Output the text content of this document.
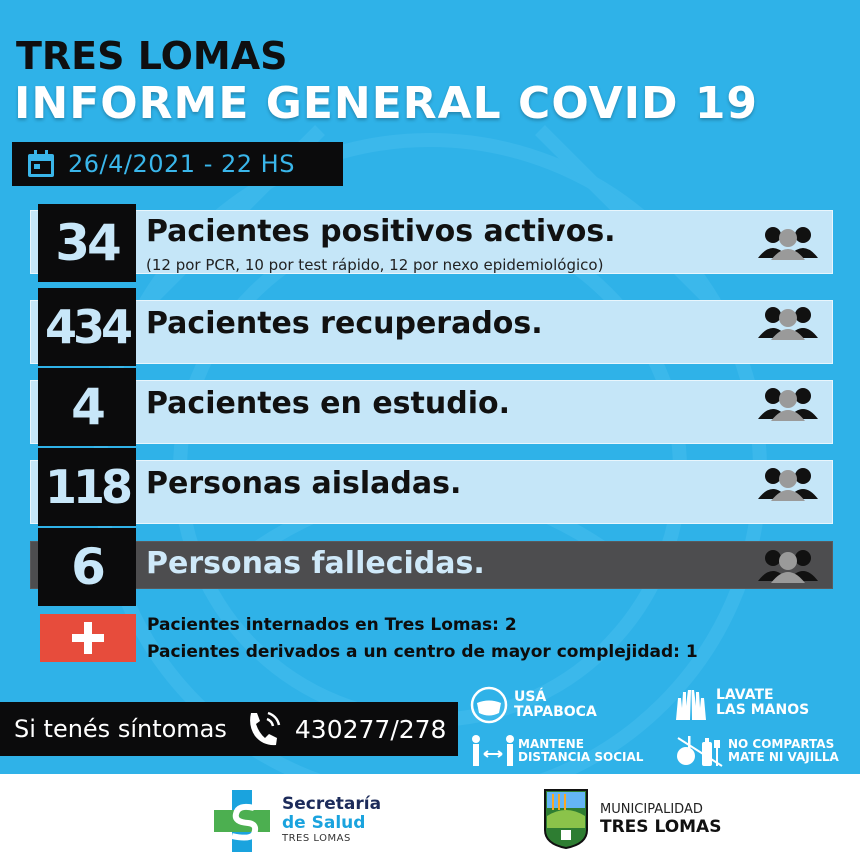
TRES LOMAS
INFORME GENERAL COVID 19
26/4/2021 - 22 HS
34 Pacientes positivos activos.
(12 por PCR, 10 por test rápido, 12 por nexo epidemiológico)
434 Pacientes recuperados.
4	Pacientes en estudio.
118 Personas aisladas.
6	Personas fallecidas.
Pacientes internados en Tres Lomas: 2
Pacientes derivados a un centro de mayor complejidad: 1
Si tenés síntomas	430277/278
USÁ
TAPABOCA
LAVATE
LAS MANOS
MANTENE
DISTANCIA SOCIAL
NO COMPARTAS
MATE NI VAJILLA
Secretaría
de Salud
TRES LOMAS
MUNICIPALIDAD
TRES LOMAS
